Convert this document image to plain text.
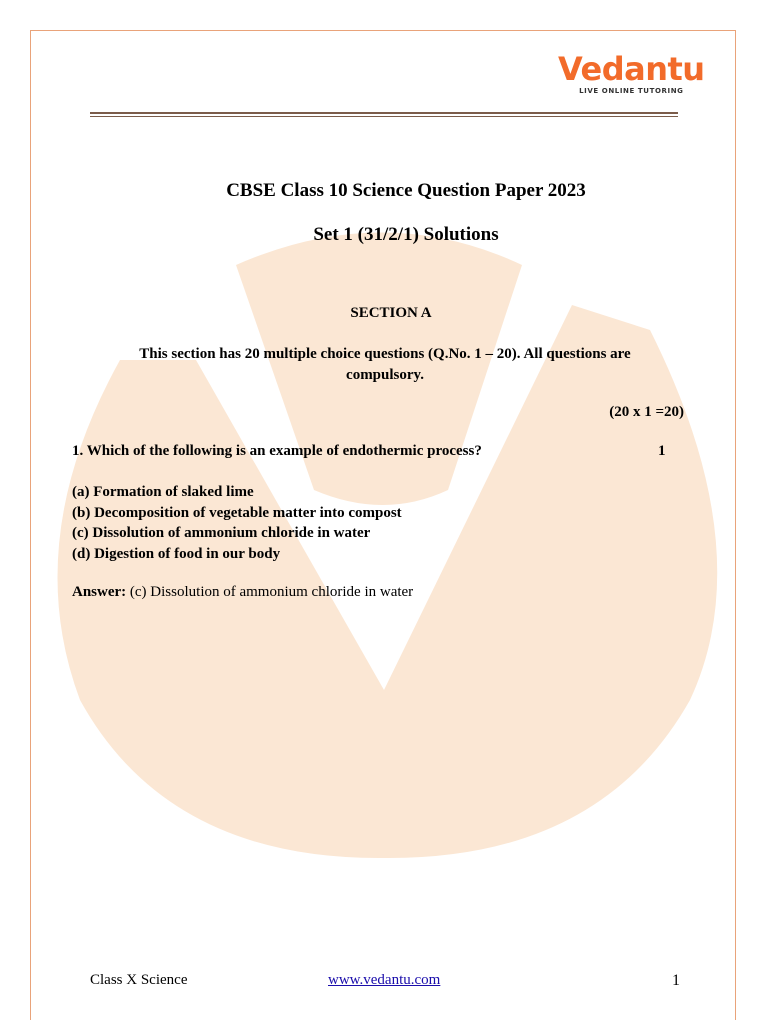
Vedantu
LIVE ONLINE TUTORING
CBSE Class 10 Science Question Paper 2023
Set 1 (31/2/1) Solutions
SECTION A
This section has 20 multiple choice questions (Q.No. 1 – 20). All questions are compulsory.
(20 x 1 =20)
1. Which of the following is an example of endothermic process?	1
(a) Formation of slaked lime
(b) Decomposition of vegetable matter into compost
(c) Dissolution of ammonium chloride in water
(d) Digestion of food in our body
Answer: (c) Dissolution of ammonium chloride in water
Class X Science	www.vedantu.com	1
